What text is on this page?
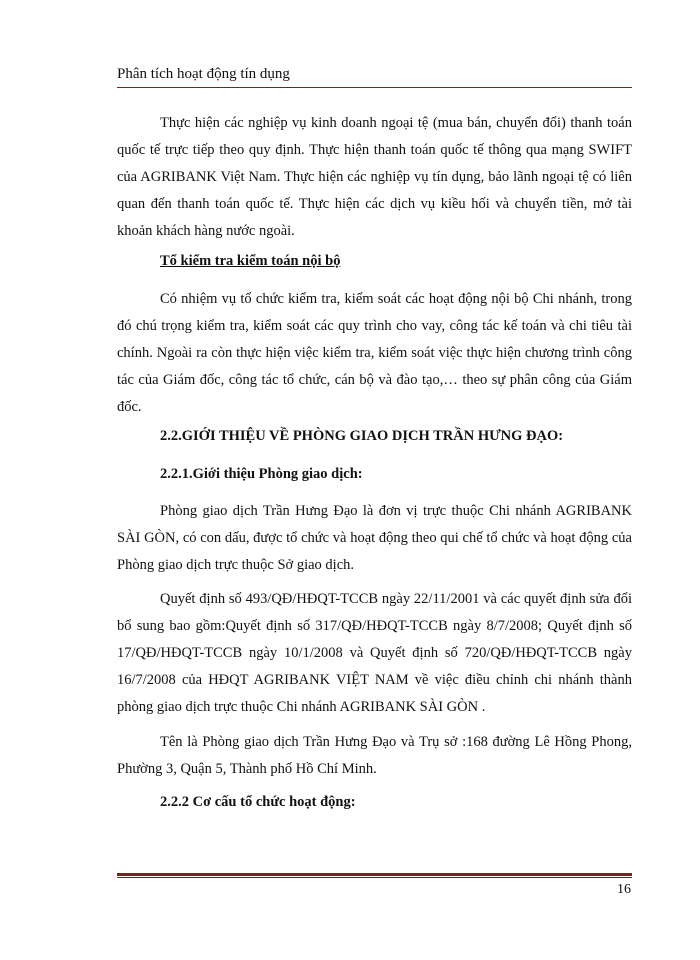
Phân tích hoạt động tín dụng

Thực hiện các nghiệp vụ kinh doanh ngoại tệ (mua bán, chuyển đổi) thanh toán quốc tế trực tiếp theo quy định. Thực hiện thanh toán quốc tế thông qua mạng SWIFT của AGRIBANK Việt Nam. Thực hiện các nghiệp vụ tín dụng, bảo lãnh ngoại tệ có liên quan đến thanh toán quốc tế. Thực hiện các dịch vụ kiều hối và chuyển tiền, mở tài khoản khách hàng nước ngoài.

Tổ kiểm tra kiểm toán nội bộ

Có nhiệm vụ tổ chức kiểm tra, kiểm soát các hoạt động nội bộ Chi nhánh, trong đó chú trọng kiểm tra, kiểm soát các quy trình cho vay, công tác kế toán và chi tiêu tài chính. Ngoài ra còn thực hiện việc kiểm tra, kiểm soát việc thực hiện chương trình công tác của Giám đốc, công tác tổ chức, cán bộ và đào tạo,… theo sự phân công của Giám đốc.

2.2.GIỚI THIỆU VỀ PHÒNG GIAO DỊCH TRẦN HƯNG ĐẠO:

2.2.1.Giới thiệu Phòng giao dịch:

Phòng giao dịch Trần Hưng Đạo là đơn vị trực thuộc Chi nhánh AGRIBANK SÀI GÒN, có con dấu, được tổ chức và hoạt động theo qui chế tổ chức và hoạt động của Phòng giao dịch trực thuộc Sở giao dịch.

Quyết định số 493/QĐ/HĐQT-TCCB ngày 22/11/2001 và các quyết định sửa đổi bổ sung bao gồm:Quyết định số 317/QĐ/HĐQT-TCCB ngày 8/7/2008; Quyết định số 17/QĐ/HĐQT-TCCB ngày 10/1/2008 và Quyết định số 720/QĐ/HĐQT-TCCB ngày 16/7/2008 của HĐQT AGRIBANK VIỆT NAM về việc điều chỉnh chi nhánh thành phòng giao dịch trực thuộc Chi nhánh AGRIBANK SÀI GÒN .

Tên là Phòng giao dịch Trần Hưng Đạo và Trụ sở :168 đường Lê Hồng Phong, Phường 3, Quận 5, Thành phố Hồ Chí Minh.

2.2.2 Cơ cấu tổ chức hoạt động:

16
